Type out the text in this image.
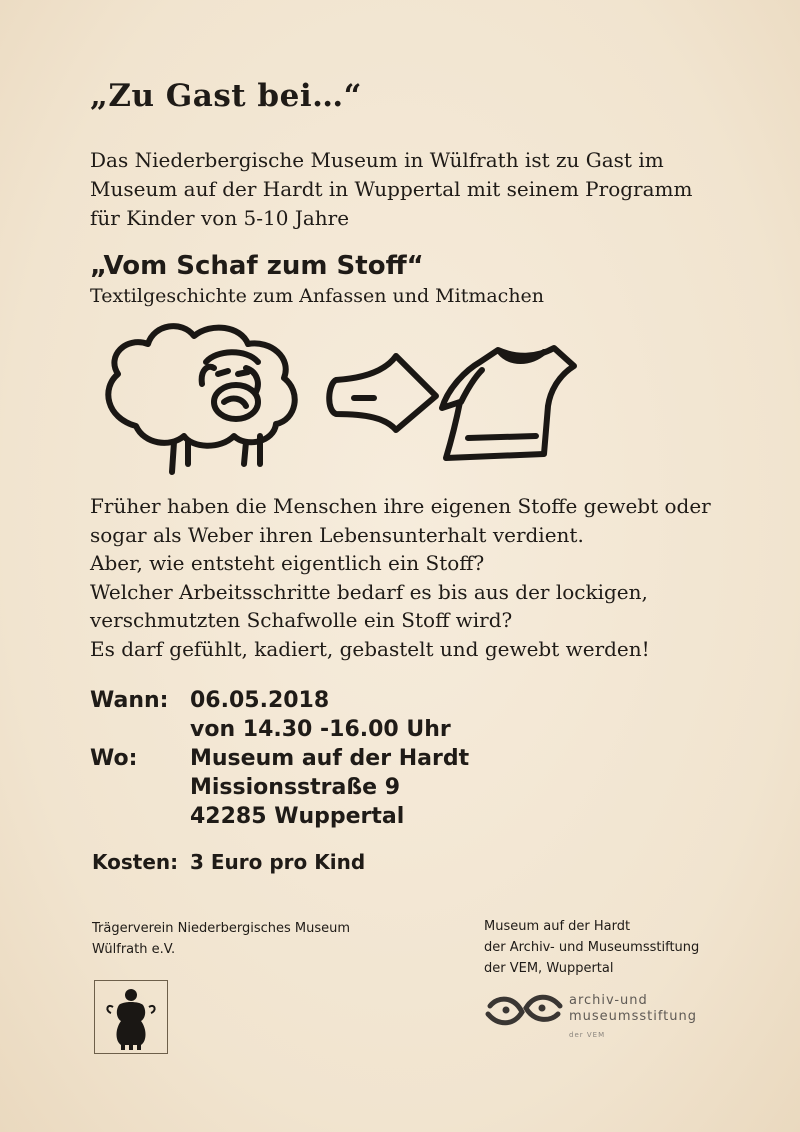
„Zu Gast bei…“
Das Niederbergische Museum in Wülfrath ist zu Gast im
Museum auf der Hardt in Wuppertal mit seinem Programm
für Kinder von 5-10 Jahre
„Vom Schaf zum Stoff“
Textilgeschichte zum Anfassen und Mitmachen
Früher haben die Menschen ihre eigenen Stoffe gewebt oder
sogar als Weber ihren Lebensunterhalt verdient.
Aber, wie entsteht eigentlich ein Stoff?
Welcher Arbeitsschritte bedarf es bis aus der lockigen,
verschmutzten Schafwolle ein Stoff wird?
Es darf gefühlt, kadiert, gebastelt und gewebt werden!
Wann: 06.05.2018
von 14.30 -16.00 Uhr
Wo:	Museum auf der Hardt
Missionsstraße 9
42285 Wuppertal
Kosten: 3 Euro pro Kind
Trägerverein Niederbergisches Museum
Wülfrath e.V.
Museum auf der Hardt
der Archiv- und Museumsstiftung
der VEM, Wuppertal
archiv-und
museumsstiftung
der VEM
